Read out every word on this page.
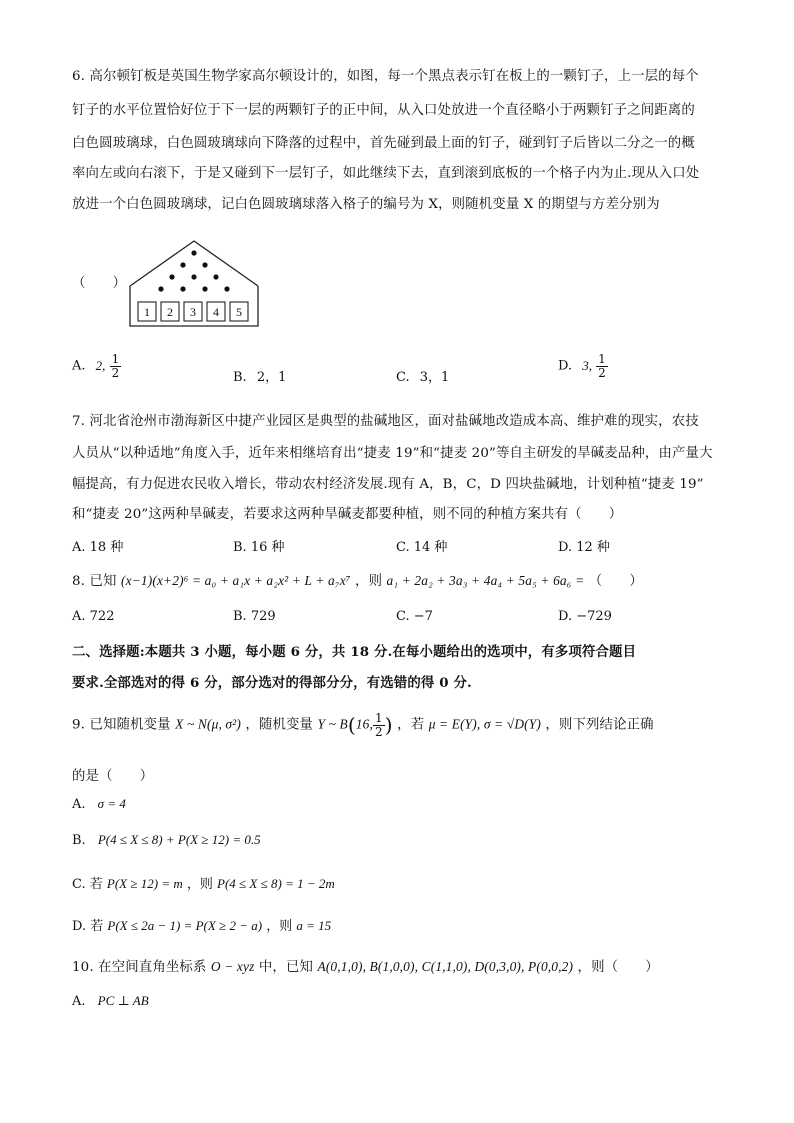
6. 高尔顿钉板是英国生物学家高尔顿设计的，如图，每一个黑点表示钉在板上的一颗钉子，上一层的每个
钉子的水平位置恰好位于下一层的两颗钉子的正中间，从入口处放进一个直径略小于两颗钉子之间距离的
白色圆玻璃球，白色圆玻璃球向下降落的过程中，首先碰到最上面的钉子，碰到钉子后皆以二分之一的概
率向左或向右滚下，于是又碰到下一层钉子，如此继续下去，直到滚到底板的一个格子内为止.现从入口处
放进一个白色圆玻璃球，记白色圆玻璃球落入格子的编号为 X，则随机变量 X 的期望与方差分别为
（　　）
1 2 3 4 5
A. 2, $\frac{1}{2}$	B. 2，1	C. 3，1
D. 3, $\frac{1}{2}$
7. 河北省沧州市渤海新区中捷产业园区是典型的盐碱地区，面对盐碱地改造成本高、维护难的现实，农技
人员从“以种适地”角度入手，近年来相继培育出“捷麦 19”和“捷麦 20”等自主研发的旱碱麦品种，由产量大
幅提高，有力促进农民收入增长，带动农村经济发展.现有 A，B，C，D 四块盐碱地，计划种植“捷麦 19”
和“捷麦 20”这两种旱碱麦，若要求这两种旱碱麦都要种植，则不同的种植方案共有（　　）
A. 18 种	B. 16 种	C. 14 种	D. 12 种
8. 已知 (x−1)(x+2)⁶ = a₀ + a₁x + a₂x² + L + a₇x⁷ ，则 a₁ + 2a₂ + 3a₃ + 4a₄ + 5a₅ + 6a₆ = （　　）
A. 722	B. 729	C. −7	D. −729
二、选择题:本题共 3 小题，每小题 6 分，共 18 分.在每小题给出的选项中，有多项符合题目
要求.全部选对的得 6 分，部分选对的得部分分，有选错的得 0 分.
9. 已知随机变量 X ~ N(μ, σ²) ，随机变量 Y ~ B(16, $\frac{1}{2}$ ) ，若 μ = E(Y), σ = √D(Y) ，则下列结论正确
的是（　　）
A. σ = 4
B. P(4 ≤ X ≤ 8) + P(X ≥ 12) = 0.5
C. 若 P(X ≥ 12) = m ，则 P(4 ≤ X ≤ 8) = 1 − 2m
D. 若 P(X ≤ 2a − 1) = P(X ≥ 2 − a) ，则 a = 15
10. 在空间直角坐标系 O − xyz 中，已知 A(0,1,0), B(1,0,0), C(1,1,0), D(0,3,0), P(0,0,2) ，则（　　）
A. PC ⊥ AB
